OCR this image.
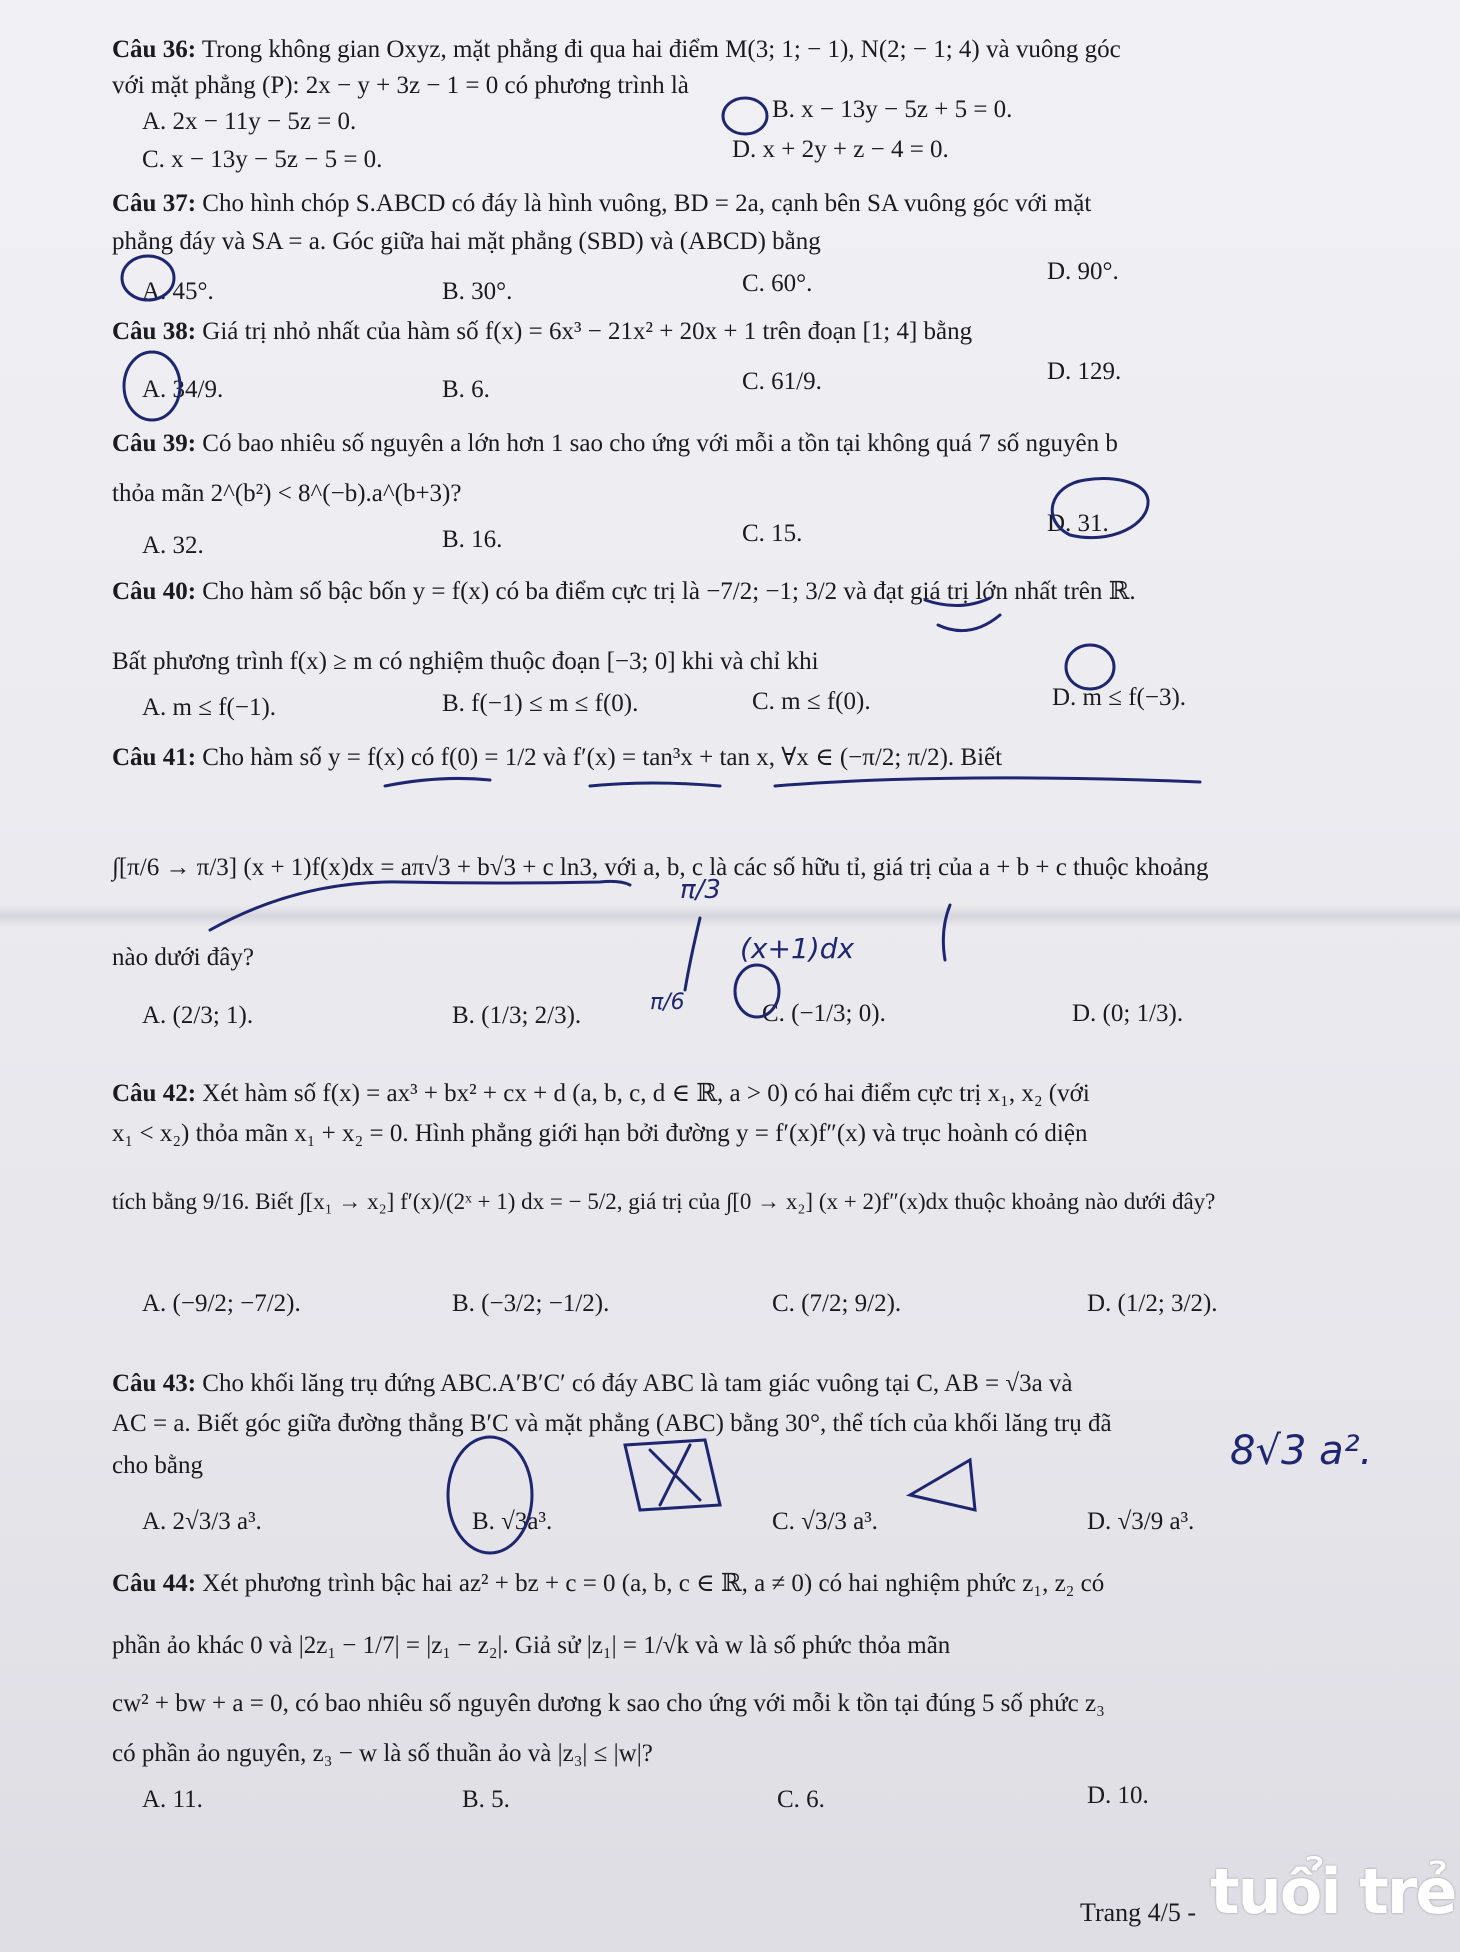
Câu 36: Trong không gian Oxyz, mặt phẳng đi qua hai điểm M(3; 1; − 1), N(2; − 1; 4) và vuông góc
với mặt phẳng (P): 2x − y + 3z − 1 = 0 có phương trình là
A. 2x − 11y − 5z = 0.	B. x − 13y − 5z + 5 = 0.
C. x − 13y − 5z − 5 = 0.	D. x + 2y + z − 4 = 0.
Câu 37: Cho hình chóp S.ABCD có đáy là hình vuông, BD = 2a, cạnh bên SA vuông góc với mặt
phẳng đáy và SA = a. Góc giữa hai mặt phẳng (SBD) và (ABCD) bằng
A. 45°.	B. 30°.	C. 60°.	D. 90°.
Câu 38: Giá trị nhỏ nhất của hàm số f(x) = 6x³ − 21x² + 20x + 1 trên đoạn [1; 4] bằng
A. 34/9.	B. 6.	C. 61/9.	D. 129.
Câu 39: Có bao nhiêu số nguyên a lớn hơn 1 sao cho ứng với mỗi a tồn tại không quá 7 số nguyên b
thỏa mãn 2^(b²) < 8^(−b).a^(b+3)?
A. 32.	B. 16.	C. 15.	D. 31.
Câu 40: Cho hàm số bậc bốn y = f(x) có ba điểm cực trị là −7/2; −1; 3/2 và đạt giá trị lớn nhất trên ℝ.
Bất phương trình f(x) ≥ m có nghiệm thuộc đoạn [−3; 0] khi và chỉ khi
A. m ≤ f(−1).	B. f(−1) ≤ m ≤ f(0).	C. m ≤ f(0).	D. m ≤ f(−3).
Câu 41: Cho hàm số y = f(x) có f(0) = 1/2 và f′(x) = tan³x + tan x, ∀x ∈ (−π/2; π/2). Biết
∫[π/6 → π/3] (x + 1)f(x)dx = aπ√3 + b√3 + c ln3, với a, b, c là các số hữu tỉ, giá trị của a + b + c thuộc khoảng
nào dưới đây?
A. (2/3; 1).	B. (1/3; 2/3).	C. (−1/3; 0).	D. (0; 1/3).
Câu 42: Xét hàm số f(x) = ax³ + bx² + cx + d (a, b, c, d ∈ ℝ, a > 0) có hai điểm cực trị x₁, x₂ (với
x₁ < x₂) thỏa mãn x₁ + x₂ = 0. Hình phẳng giới hạn bởi đường y = f′(x)f″(x) và trục hoành có diện
tích bằng 9/16. Biết ∫[x₁ → x₂] f′(x)/(2ˣ + 1) dx = − 5/2, giá trị của ∫[0 → x₂] (x + 2)f″(x)dx thuộc khoảng nào dưới đây?
A. (−9/2; −7/2).	B. (−3/2; −1/2).	C. (7/2; 9/2).	D. (1/2; 3/2).
Câu 43: Cho khối lăng trụ đứng ABC.A′B′C′ có đáy ABC là tam giác vuông tại C, AB = √3a và
AC = a. Biết góc giữa đường thẳng B′C và mặt phẳng (ABC) bằng 30°, thể tích của khối lăng trụ đã
cho bằng
A. 2√3/3 a³.	B. √3a³.	C. √3/3 a³.	D. √3/9 a³.
Câu 44: Xét phương trình bậc hai az² + bz + c = 0 (a, b, c ∈ ℝ, a ≠ 0) có hai nghiệm phức z₁, z₂ có
phần ảo khác 0 và |2z₁ − 1/7| = |z₁ − z₂|. Giả sử |z₁| = 1/√k và w là số phức thỏa mãn
cw² + bw + a = 0, có bao nhiêu số nguyên dương k sao cho ứng với mỗi k tồn tại đúng 5 số phức z₃
có phần ảo nguyên, z₃ − w là số thuần ảo và |z₃| ≤ |w|?
A. 11.	B. 5.	C. 6.	D. 10.
(x+1)dx
π/3
π/6
8√3 a².
Trang 4/5 - tuổi trẻ
